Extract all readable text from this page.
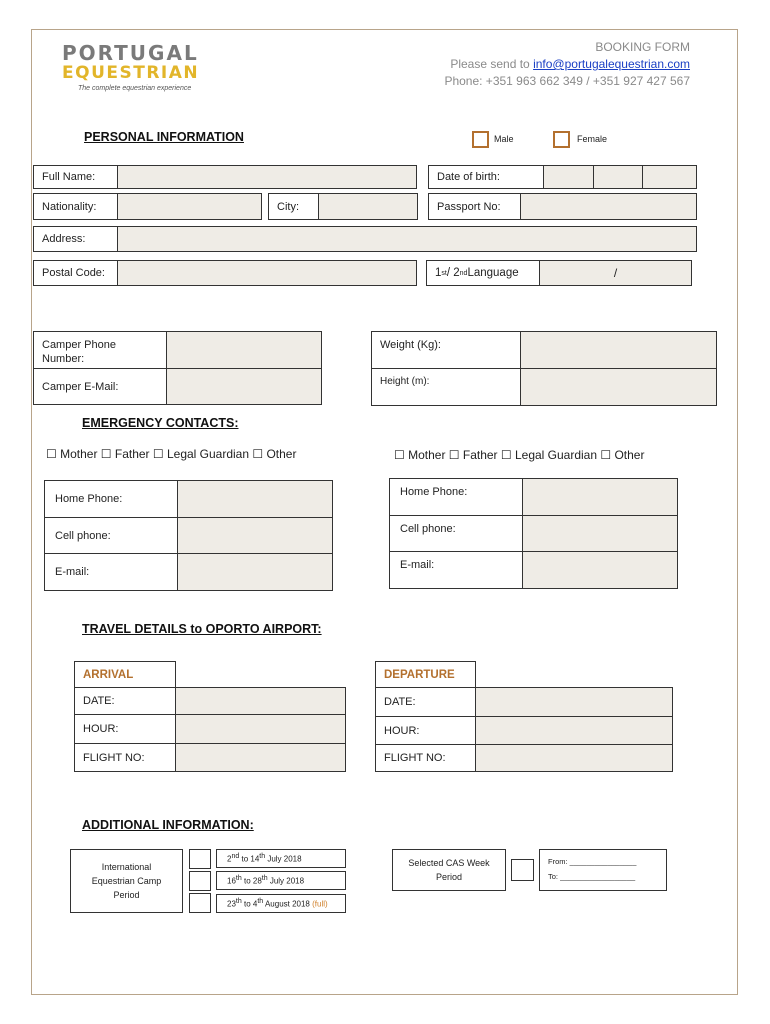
PORTUGAL
EQUESTRIAN
The complete equestrian experience
BOOKING FORM
Please send to info@portugalequestrian.com
Phone: +351 963 662 349 / +351 927 427 567
PERSONAL INFORMATION	Male	Female
Full Name:	Date of birth:
Nationality:	City:	Passport No:
Address:
Postal Code:	1 st / 2 nd Language	/
Camper Phone Number:
Camper E-Mail:
Weight (Kg):
Height (m):
EMERGENCY CONTACTS:
☐ Mother ☐ Father ☐ Legal Guardian ☐ Other	☐ Mother ☐ Father ☐ Legal Guardian ☐ Other
Home Phone:
Cell phone:
E-mail:
Home Phone:
Cell phone:
E-mail:
TRAVEL DETAILS to OPORTO AIRPORT:
ARRIVAL
DATE:
HOUR:
FLIGHT NO:
DEPARTURE
DATE:
HOUR:
FLIGHT NO:
ADDITIONAL INFORMATION:
International Equestrian Camp Period
2nd to 14th July 2018
16th to 28th July 2018
23th to 4th August 2018 (full)
Selected CAS Week Period
From: ________________
To: __________________
